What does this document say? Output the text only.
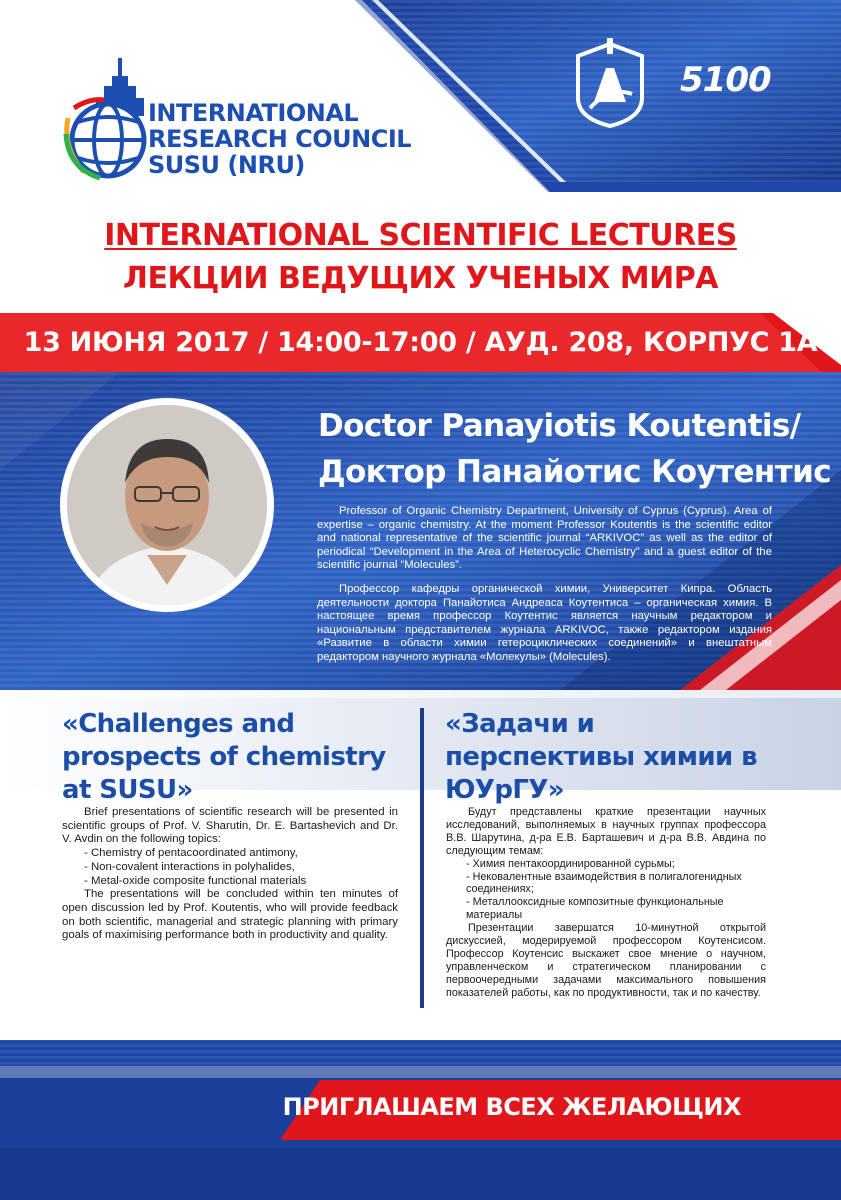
INTERNATIONAL
RESEARCH COUNCIL
SUSU (NRU)
5100
INTERNATIONAL SCIENTIFIC LECTURES
ЛЕКЦИИ ВЕДУЩИХ УЧЕНЫХ МИРА
13 ИЮНЯ 2017 / 14:00-17:00 / АУД. 208, КОРПУС 1А
Doctor Panayiotis Koutentis/
Доктор Панайотис Коутентис

Professor of Organic Chemistry Department, University of Cyprus (Cyprus). Area of expertise – organic chemistry. At the moment Professor Koutentis is the scientific editor and national representative of the scientific journal “ARKIVOC” as well as the editor of periodical “Development in the Area of Heterocyclic Chemistry” and a guest editor of the scientific journal “Molecules”.

Профессор кафедры органической химии, Университет Кипра. Область деятельности доктора Панайотиса Андреаса Коутентиса – органическая химия. В настоящее время профессор Коутентис является научным редактором и национальным представителем журнала ARKIVOC, также редактором издания «Развитие в области химии гетероциклических соединений» и внештатным редактором научного журнала «Молекулы» (Molecules).

«Challenges and prospects of chemistry at SUSU»
«Задачи и перспективы химии в ЮУрГУ»

Brief presentations of scientific research will be presented in scientific groups of Prof. V. Sharutin, Dr. E. Bartashevich and Dr. V. Avdin on the following topics:

- Chemistry of pentacoordinated antimony,

- Non-covalent interactions in polyhalides,

- Metal-oxide composite functional materials

The presentations will be concluded within ten minutes of open discussion led by Prof. Koutentis, who will provide feedback on both scientific, managerial and strategic planning with primary goals of maximising performance both in productivity and quality.

Будут представлены краткие презентации научных исследований, выполняемых в научных группах профессора В.В. Шарутина, д-ра Е.В. Барташевич и д-ра В.В. Авдина по следующим темам:

- Химия пентакоординированной сурьмы;

- Нековалентные взаимодействия в полигалогенидных соединениях;

- Металлооксидные композитные функциональные материалы

Презентации завершатся 10-минутной открытой дискуссией, модерируемой профессором Коутенсисом. Профессор Коутенсис выскажет свое мнение о научном, управленческом и стратегическом планировании с первоочередными задачами максимального повышения показателей работы, как по продуктивности, так и по качеству.

ПРИГЛАШАЕМ ВСЕХ ЖЕЛАЮЩИХ
